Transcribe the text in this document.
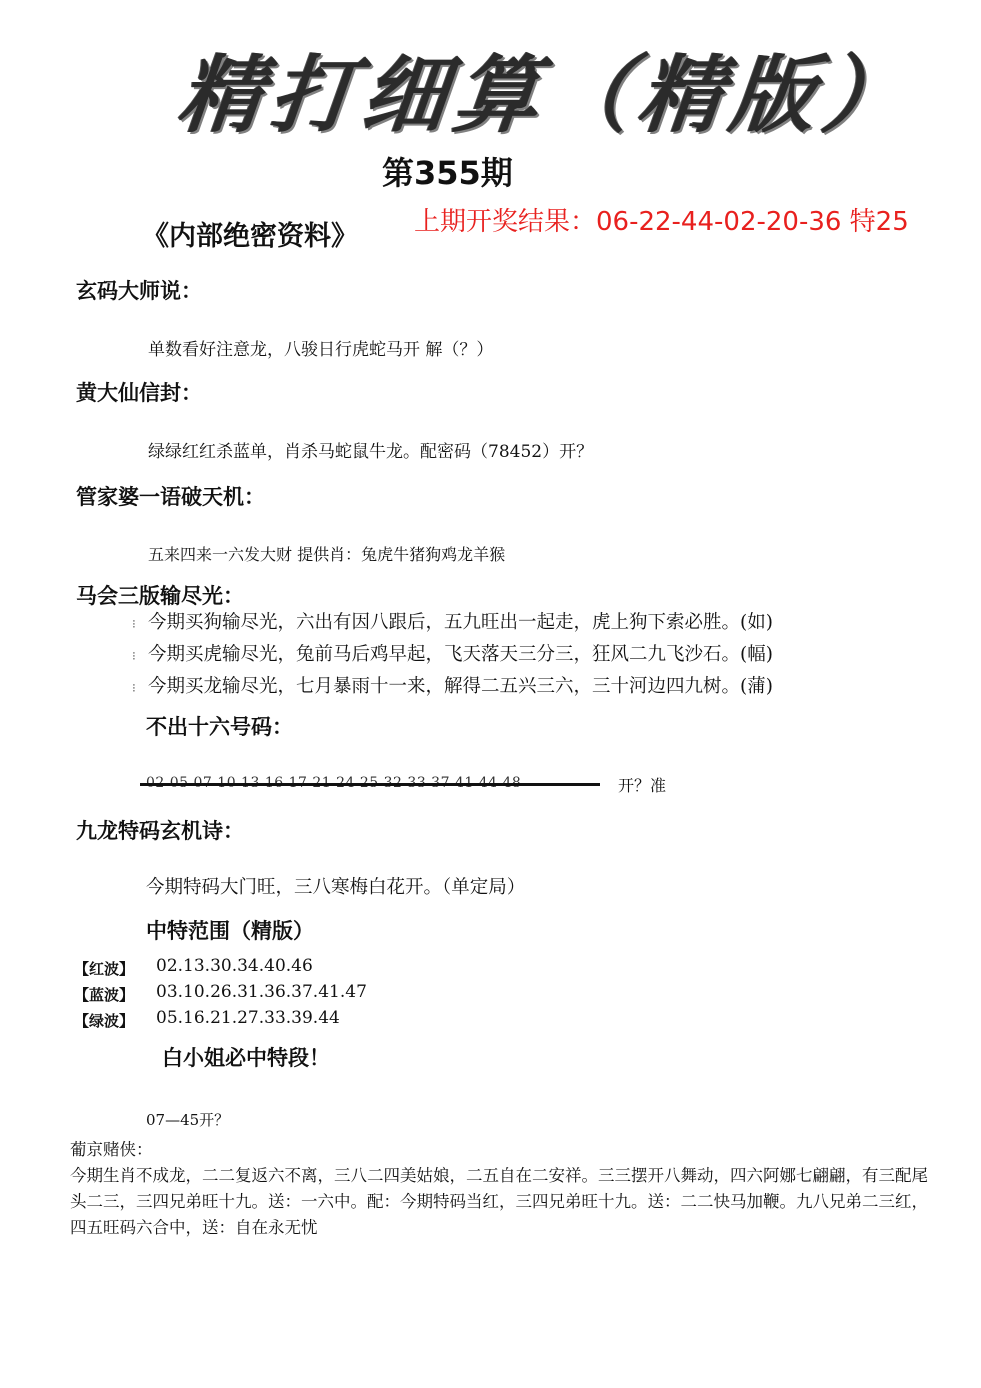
精打细算（精版）
第355期
《内部绝密资料》 上期开奖结果：06-22-44-02-20-36 特25
玄码大师说：
单数看好注意龙，八骏日行虎蛇马开 解（？）
黄大仙信封：
绿绿红红杀蓝单，肖杀马蛇鼠牛龙。配密码（78452）开？
管家婆一语破天机：
五来四来一六发大财 提供肖：兔虎牛猪狗鸡龙羊猴
马会三版输尽光：
⁝ 今期买狗输尽光，六出有因八跟后，五九旺出一起走，虎上狗下索必胜。(如)
⁝ 今期买虎输尽光，兔前马后鸡早起，飞天落天三分三，狂风二九飞沙石。(幅)
⁝ 今期买龙输尽光，七月暴雨十一来，解得二五兴三六，三十河边四九树。(蒲)
不出十六号码：
开？准
九龙特码玄机诗：
今期特码大门旺，三八寒梅白花开。（单定局）
中特范围（精版）
【红波】 02.13.30.34.40.46
【蓝波】 03.10.26.31.36.37.41.47
【绿波】 05.16.21.27.33.39.44
白小姐必中特段！
07—45开？
葡京赌侠：
今期生肖不成龙，二二复返六不离，三八二四美姑娘，二五自在二安祥。三三摆开八舞动，四六阿娜七翩翩，有三配尾头二三，三四兄弟旺十九。送：一六中。配：今期特码当红，三四兄弟旺十九。送：二二快马加鞭。九八兄弟二三红，四五旺码六合中，送：自在永无忧
